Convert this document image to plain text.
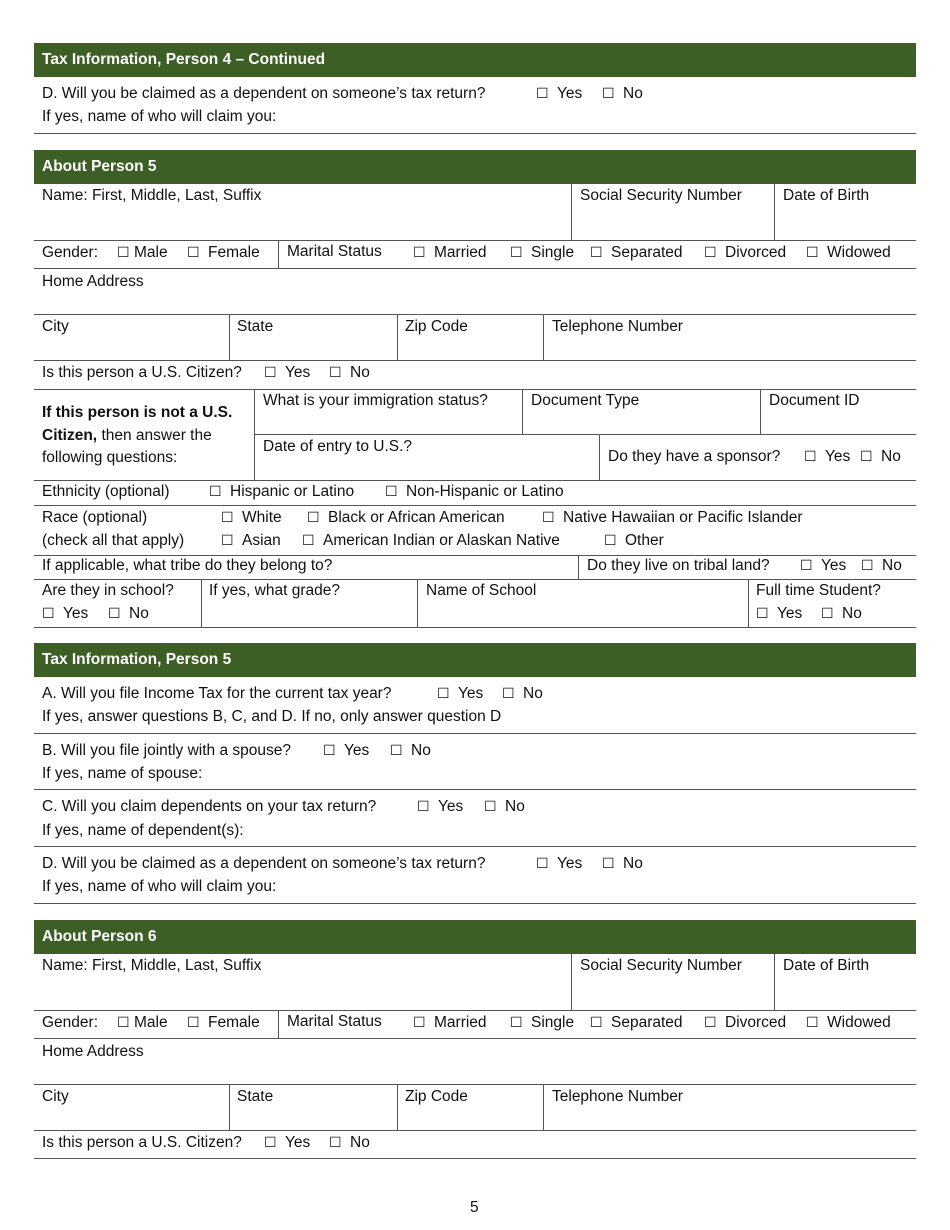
Tax Information, Person 4 – Continued
D. Will you be claimed as a dependent on someone’s tax return?	☐ Yes ☐ No
If yes, name of who will claim you:
About Person 5
Name: First, Middle, Last, Suffix	Social Security Number	Date of Birth
Gender: ☐ Male ☐ Female Marital Status ☐ Married ☐ Single ☐ Separated ☐ Divorced ☐ Widowed
Home Address
City	State	Zip Code	Telephone Number
Is this person a U.S. Citizen? ☐ Yes ☐ No
If this person is not a U.S.
Citizen, then answer the
following questions:
What is your immigration status?	Document Type	Document ID
Date of entry to U.S.?
Do they have a sponsor? ☐ Yes ☐ No
Ethnicity (optional)	☐ Hispanic or Latino ☐ Non-Hispanic or Latino
Race (optional)	☐ White ☐ Black or African American	☐ Native Hawaiian or Pacific Islander
(check all that apply)	☐ Asian ☐ American Indian or Alaskan Native	☐ Other
If applicable, what tribe do they belong to?	Do they live on tribal land? ☐ Yes ☐ No
Are they in school?
☐ Yes ☐ No
If yes, what grade?	Name of School	Full time Student?
☐ Yes ☐ No
Tax Information, Person 5
A. Will you file Income Tax for the current tax year?	☐ Yes ☐ No
If yes, answer questions B, C, and D. If no, only answer question D
B. Will you file jointly with a spouse? ☐ Yes ☐ No
If yes, name of spouse:
C. Will you claim dependents on your tax return?	☐ Yes ☐ No
If yes, name of dependent(s):
D. Will you be claimed as a dependent on someone’s tax return?	☐ Yes ☐ No
If yes, name of who will claim you:
About Person 6
Name: First, Middle, Last, Suffix	Social Security Number	Date of Birth
Gender: ☐ Male ☐ Female Marital Status ☐ Married ☐ Single ☐ Separated ☐ Divorced ☐ Widowed
Home Address
City	State	Zip Code	Telephone Number
Is this person a U.S. Citizen? ☐ Yes ☐ No
5
